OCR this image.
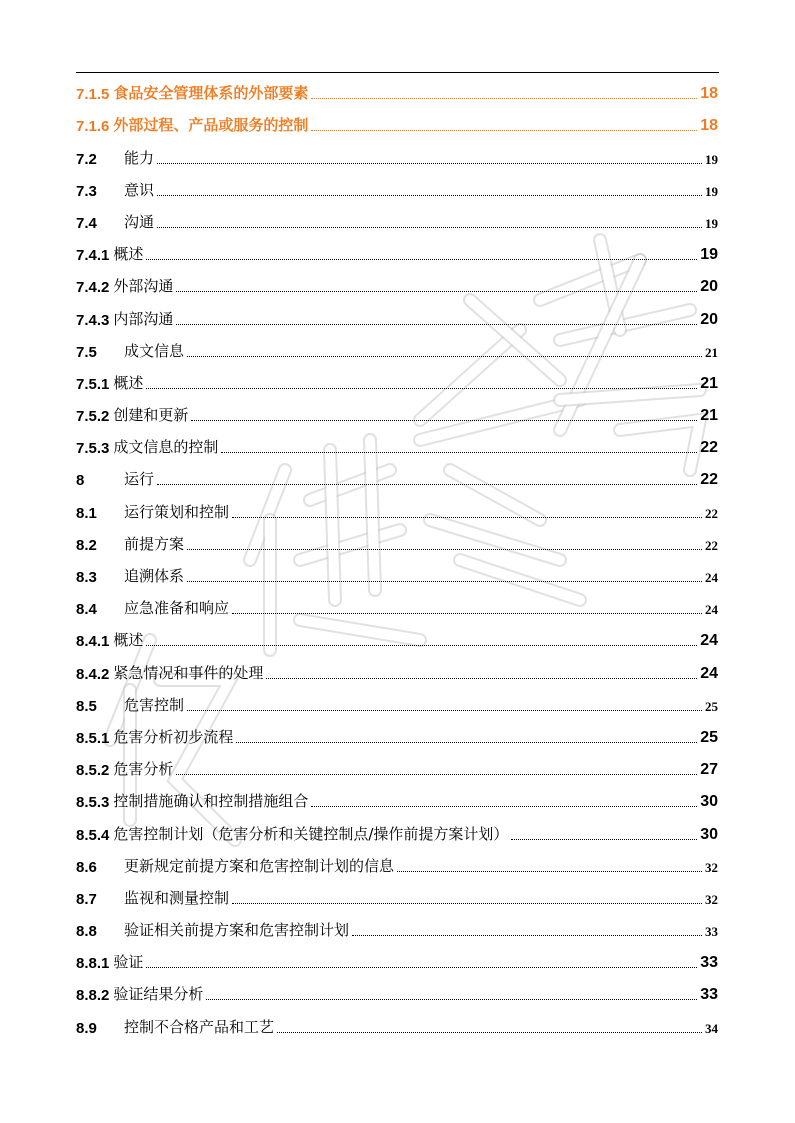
7.1.5 食品安全管理体系的外部要素	18
7.1.6 外部过程、产品或服务的控制	18
7.2	能力	19
7.3	意识	19
7.4	沟通	19
7.4.1 概述	19
7.4.2 外部沟通	20
7.4.3 内部沟通	20
7.5	成文信息	21
7.5.1 概述	21
7.5.2 创建和更新	21
7.5.3 成文信息的控制	22
8	运行	22
8.1	运行策划和控制	22
8.2	前提方案	22
8.3	追溯体系	24
8.4	应急准备和响应	24
8.4.1 概述	24
8.4.2 紧急情况和事件的处理	24
8.5	危害控制	25
8.5.1 危害分析初步流程	25
8.5.2 危害分析	27
8.5.3 控制措施确认和控制措施组合	30
8.5.4 危害控制计划（危害分析和关键控制点/操作前提方案计划）	30
8.6	更新规定前提方案和危害控制计划的信息	32
8.7	监视和测量控制	32
8.8	验证相关前提方案和危害控制计划	33
8.8.1 验证	33
8.8.2 验证结果分析	33
8.9	控制不合格产品和工艺	34
